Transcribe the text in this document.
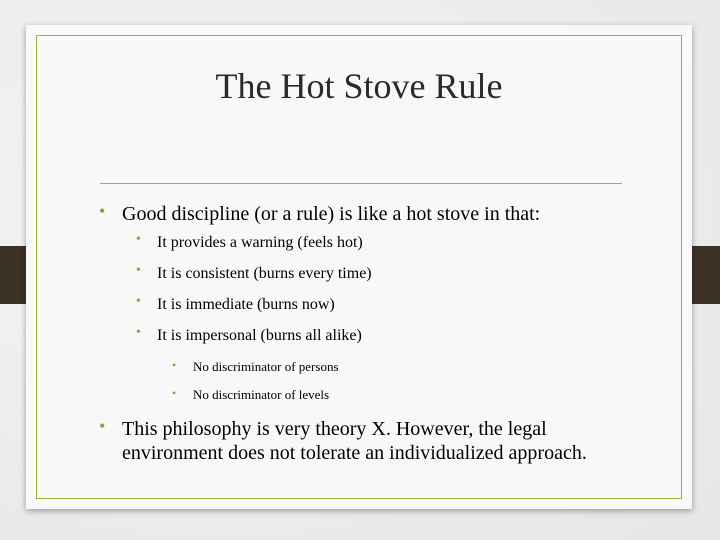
The Hot Stove Rule
• Good discipline (or a rule) is like a hot stove in that:
• It provides a warning (feels hot)
• It is consistent (burns every time)
• It is immediate (burns now)
• It is impersonal (burns all alike)
• No discriminator of persons
• No discriminator of levels
• This philosophy is very theory X. However, the legal
environment does not tolerate an individualized approach.
